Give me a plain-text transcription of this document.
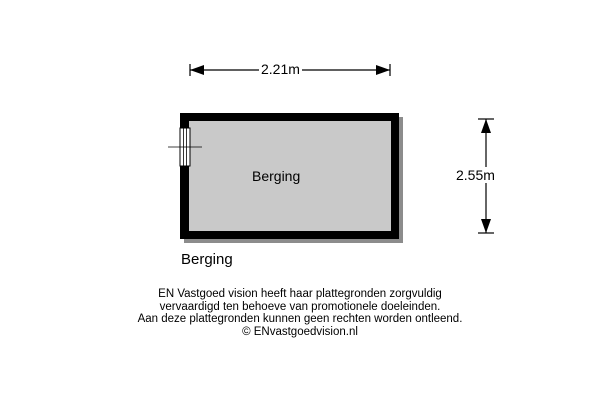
2.21m
2.55m
Berging
Berging
EN Vastgoed vision heeft haar plattegronden zorgvuldig
vervaardigd ten behoeve van promotionele doeleinden.
Aan deze plattegronden kunnen geen rechten worden ontleend.
© ENvastgoedvision.nl
